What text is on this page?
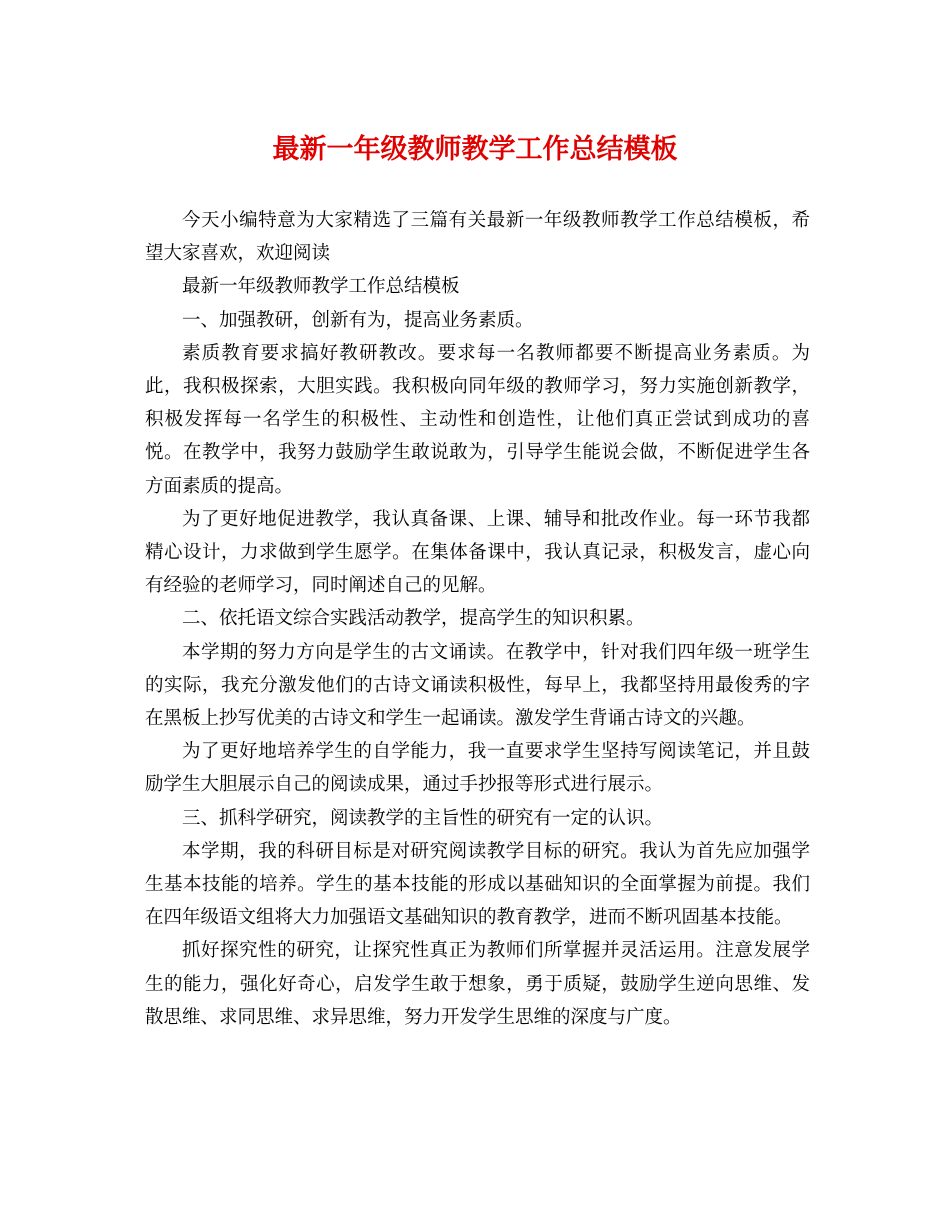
最新一年级教师教学工作总结模板

今天小编特意为大家精选了三篇有关最新一年级教师教学工作总结模板，希望大家喜欢，欢迎阅读

最新一年级教师教学工作总结模板

一、加强教研，创新有为，提高业务素质。

素质教育要求搞好教研教改。要求每一名教师都要不断提高业务素质。为此，我积极探索，大胆实践。我积极向同年级的教师学习，努力实施创新教学，积极发挥每一名学生的积极性、主动性和创造性，让他们真正尝试到成功的喜悦。在教学中，我努力鼓励学生敢说敢为，引导学生能说会做，不断促进学生各方面素质的提高。

为了更好地促进教学，我认真备课、上课、辅导和批改作业。每一环节我都精心设计，力求做到学生愿学。在集体备课中，我认真记录，积极发言，虚心向有经验的老师学习，同时阐述自己的见解。

二、依托语文综合实践活动教学，提高学生的知识积累。

本学期的努力方向是学生的古文诵读。在教学中，针对我们四年级一班学生的实际，我充分激发他们的古诗文诵读积极性，每早上，我都坚持用最俊秀的字在黑板上抄写优美的古诗文和学生一起诵读。激发学生背诵古诗文的兴趣。

为了更好地培养学生的自学能力，我一直要求学生坚持写阅读笔记，并且鼓励学生大胆展示自己的阅读成果，通过手抄报等形式进行展示。

三、抓科学研究，阅读教学的主旨性的研究有一定的认识。

本学期，我的科研目标是对研究阅读教学目标的研究。我认为首先应加强学生基本技能的培养。学生的基本技能的形成以基础知识的全面掌握为前提。我们在四年级语文组将大力加强语文基础知识的教育教学，进而不断巩固基本技能。

抓好探究性的研究，让探究性真正为教师们所掌握并灵活运用。注意发展学生的能力，强化好奇心，启发学生敢于想象，勇于质疑，鼓励学生逆向思维、发散思维、求同思维、求异思维，努力开发学生思维的深度与广度。
